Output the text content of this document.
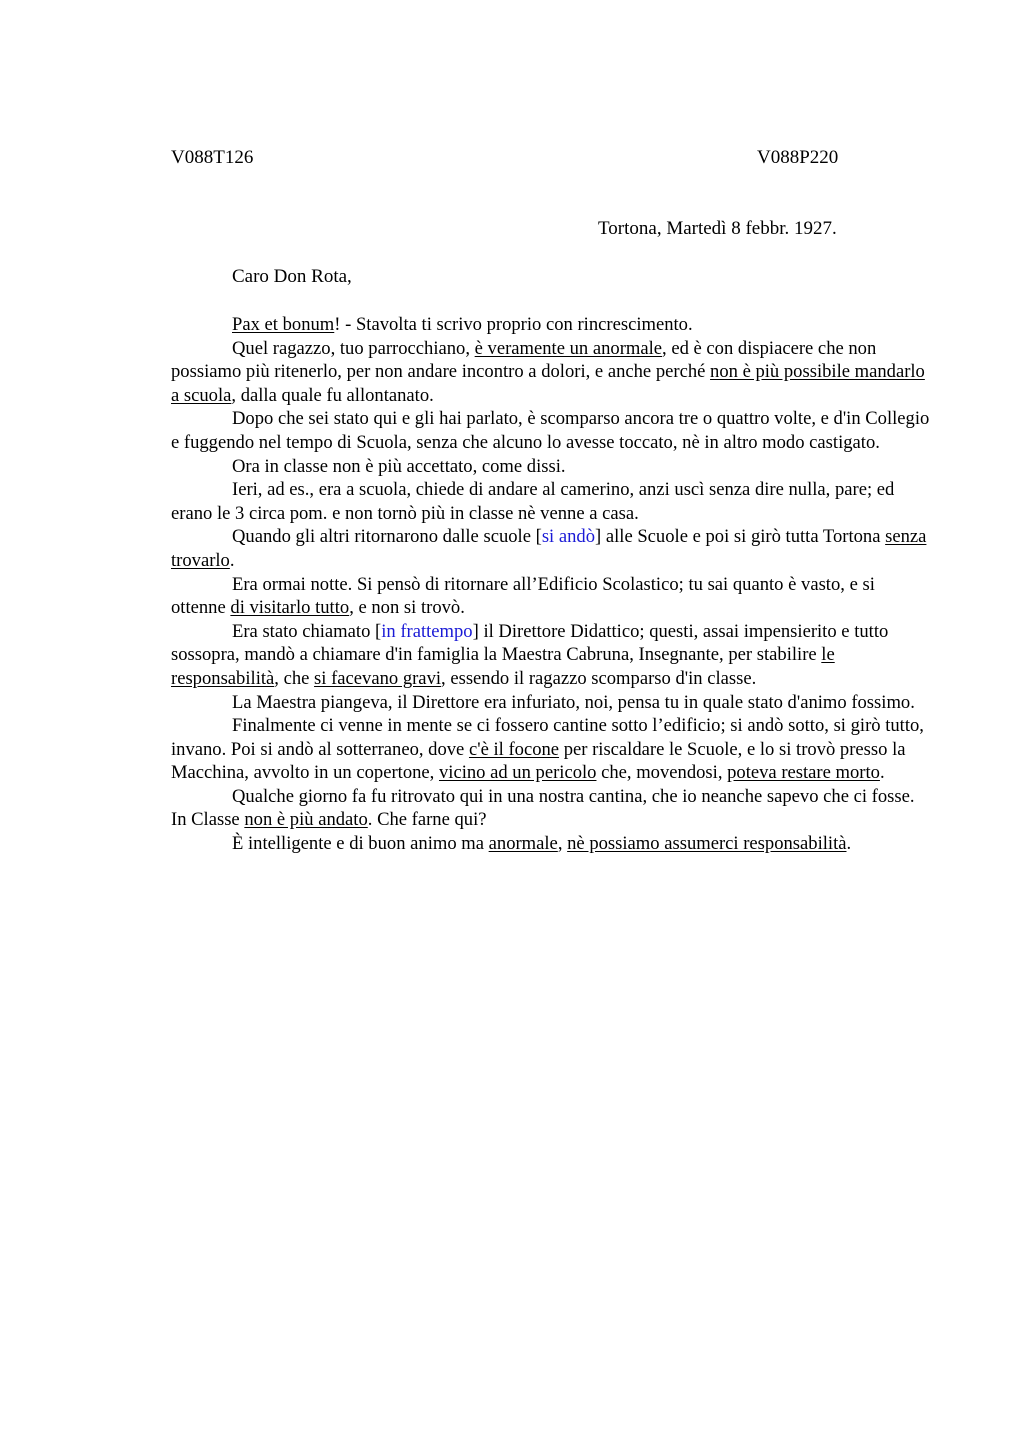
V088T126	V088P220
Tortona, Martedì 8 febbr. 1927.
Caro Don Rota,

Pax et bonum! - Stavolta ti scrivo proprio con rincrescimento.

Quel ragazzo, tuo parrocchiano, è veramente un anormale, ed è con dispiacere che non possiamo più ritenerlo, per non andare incontro a dolori, e anche perché non è più possibile mandarlo a scuola, dalla quale fu allontanato.

Dopo che sei stato qui e gli hai parlato, è scomparso ancora tre o quattro volte, e d'in Collegio e fuggendo nel tempo di Scuola, senza che alcuno lo avesse toccato, nè in altro modo castigato.

Ora in classe non è più accettato, come dissi.

Ieri, ad es., era a scuola, chiede di andare al camerino, anzi uscì senza dire nulla, pare; ed erano le 3 circa pom. e non tornò più in classe nè venne a casa.

Quando gli altri ritornarono dalle scuole [si andò] alle Scuole e poi si girò tutta Tortona senza trovarlo.

Era ormai notte. Si pensò di ritornare all’Edificio Scolastico; tu sai quanto è vasto, e si ottenne di visitarlo tutto, e non si trovò.

Era stato chiamato [in frattempo] il Direttore Didattico; questi, assai impensierito e tutto sossopra, mandò a chiamare d'in famiglia la Maestra Cabruna, Insegnante, per stabilire le responsabilità, che si facevano gravi, essendo il ragazzo scomparso d'in classe.

La Maestra piangeva, il Direttore era infuriato, noi, pensa tu in quale stato d'animo fossimo.

Finalmente ci venne in mente se ci fossero cantine sotto l’edificio; si andò sotto, si girò tutto, invano. Poi si andò al sotterraneo, dove c'è il focone per riscaldare le Scuole, e lo si trovò presso la Macchina, avvolto in un copertone, vicino ad un pericolo che, movendosi, poteva restare morto.

Qualche giorno fa fu ritrovato qui in una nostra cantina, che io neanche sapevo che ci fosse. In Classe non è più andato. Che farne qui?

È intelligente e di buon animo ma anormale, nè possiamo assumerci responsabilità.
